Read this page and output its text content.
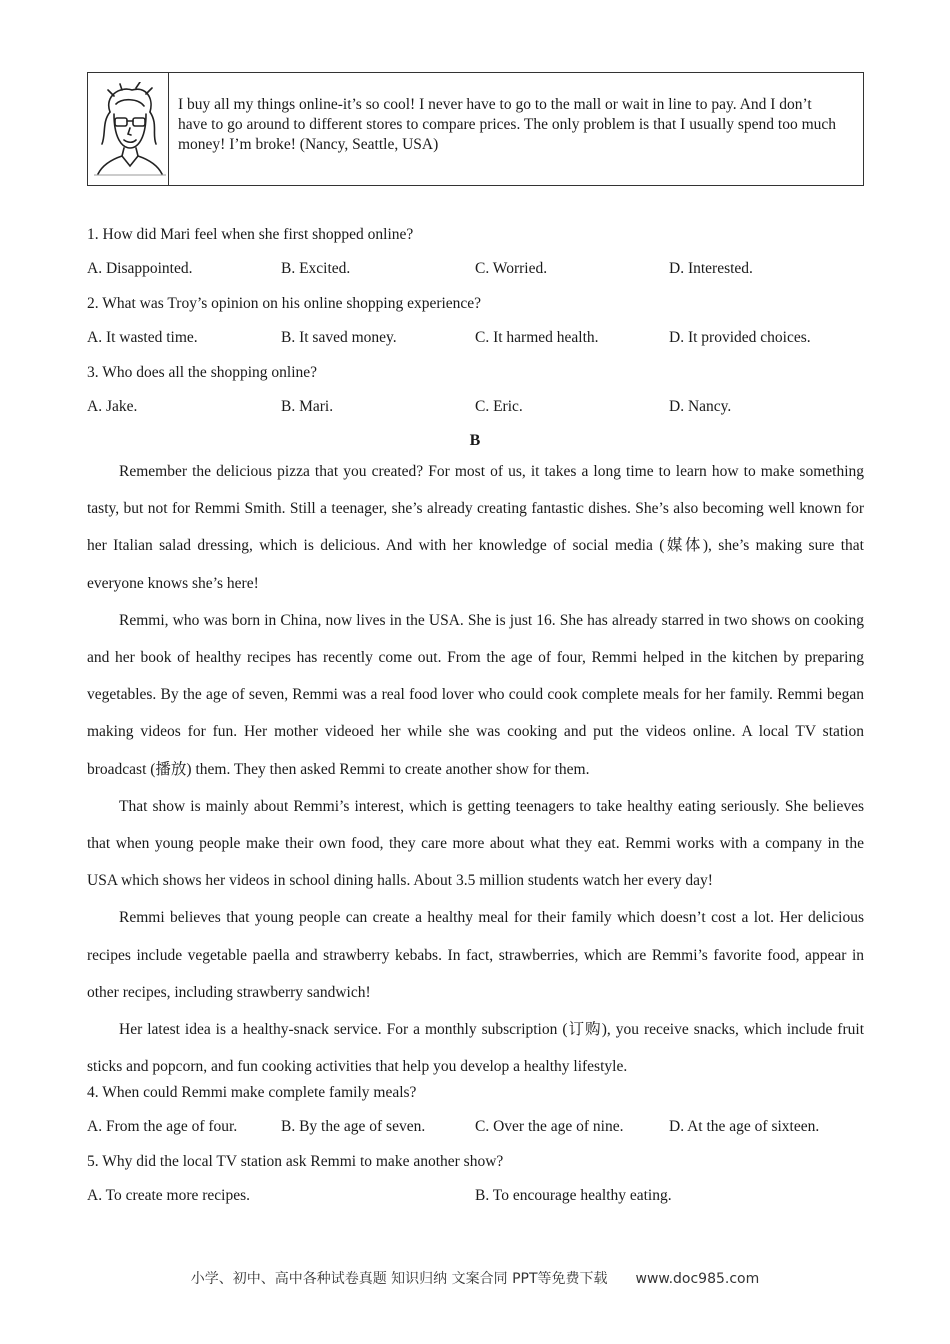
I buy all my things online-it’s so cool! I never have to go to the mall or wait in line to pay. And I don’t have to go around to different stores to compare prices. The only problem is that I usually spend too much money! I’m broke! (Nancy, Seattle, USA)
1. How did Mari feel when she first shopped online?
A. Disappointed.	B. Excited.	C. Worried.	D. Interested.
2. What was Troy’s opinion on his online shopping experience?
A. It wasted time.	B. It saved money.	C. It harmed health.	D. It provided choices.
3. Who does all the shopping online?
A. Jake.	B. Mari.	C. Eric.	D. Nancy.
B

Remember the delicious pizza that you created? For most of us, it takes a long time to learn how to make something tasty, but not for Remmi Smith. Still a teenager, she’s already creating fantastic dishes. She’s also becoming well known for her Italian salad dressing, which is delicious. And with her knowledge of social media (媒体), she’s making sure that everyone knows she’s here!

Remmi, who was born in China, now lives in the USA. She is just 16. She has already starred in two shows on cooking and her book of healthy recipes has recently come out. From the age of four, Remmi helped in the kitchen by preparing vegetables. By the age of seven, Remmi was a real food lover who could cook complete meals for her family. Remmi began making videos for fun. Her mother videoed her while she was cooking and put the videos online. A local TV station broadcast (播放) them. They then asked Remmi to create another show for them.

That show is mainly about Remmi’s interest, which is getting teenagers to take healthy eating seriously. She believes that when young people make their own food, they care more about what they eat. Remmi works with a company in the USA which shows her videos in school dining halls. About 3.5 million students watch her every day!

Remmi believes that young people can create a healthy meal for their family which doesn’t cost a lot. Her delicious recipes include vegetable paella and strawberry kebabs. In fact, strawberries, which are Remmi’s favorite food, appear in other recipes, including strawberry sandwich!

Her latest idea is a healthy-snack service. For a monthly subscription (订购), you receive snacks, which include fruit sticks and popcorn, and fun cooking activities that help you develop a healthy lifestyle.

4. When could Remmi make complete family meals?
A. From the age of four.	B. By the age of seven.	C. Over the age of nine.	D. At the age of sixteen.
5. Why did the local TV station ask Remmi to make another show?
A. To create more recipes.	B. To encourage healthy eating.
小学、初中、高中各种试卷真题 知识归纳 文案合同 PPT等免费下载　　www.doc985.com
